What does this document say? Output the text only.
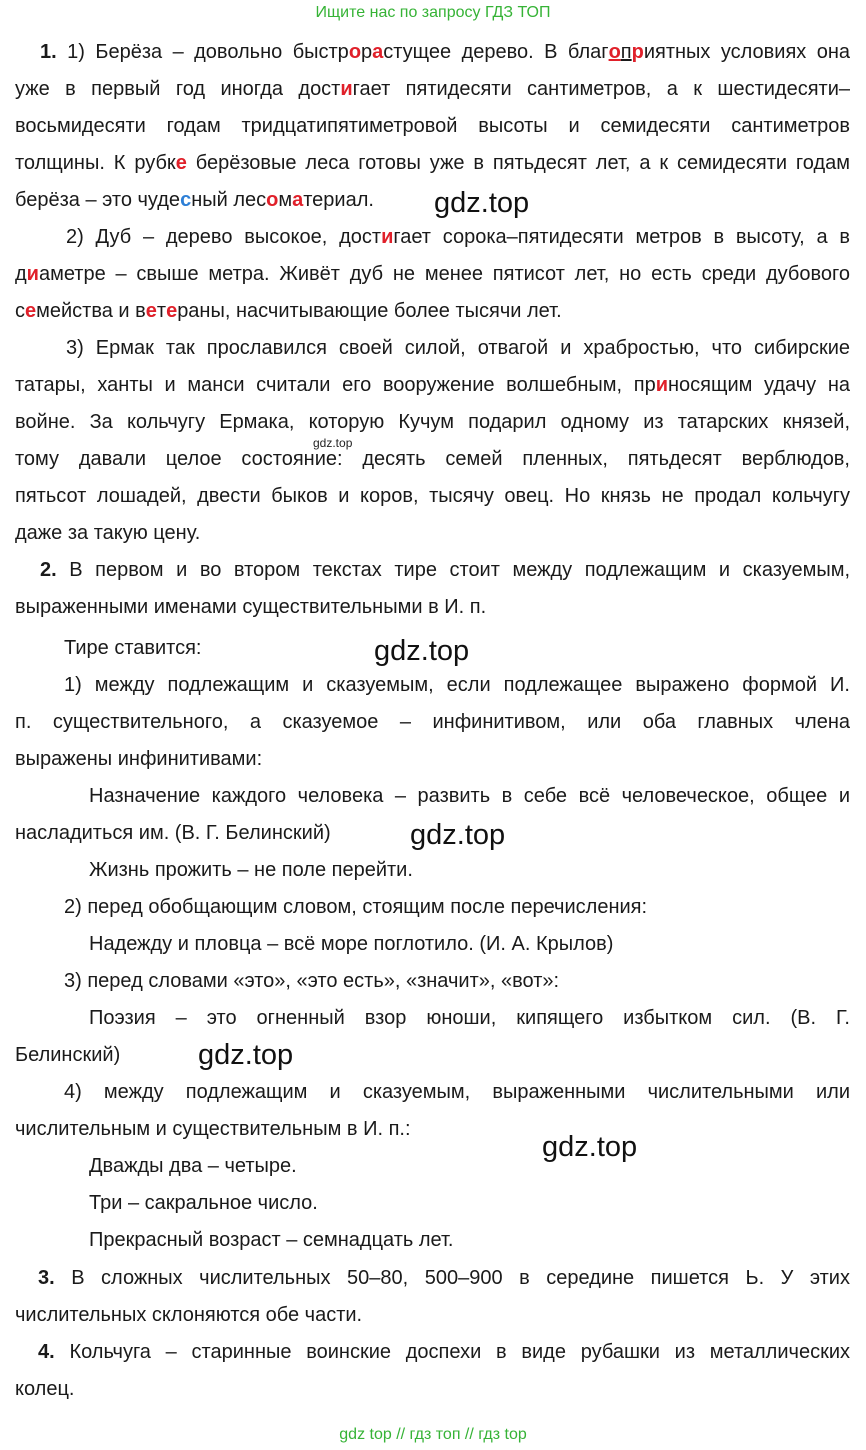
Ищите нас по запросу ГДЗ ТОП
1. 1) Берёза – довольно быстрорастущее дерево. В благоприятных условиях она
уже в первый год иногда достигает пятидесяти сантиметров, а к шестидесяти–
восьмидесяти годам тридцатипятиметровой высоты и семидесяти сантиметров
толщины. К рубке берёзовые леса готовы уже в пятьдесят лет, а к семидесяти годам
берёза – это чудесный лесоматериал.
2) Дуб – дерево высокое, достигает сорока–пятидесяти метров в высоту, а в
диаметре – свыше метра. Живёт дуб не менее пятисот лет, но есть среди дубового
семейства и ветераны, насчитывающие более тысячи лет.
3) Ермак так прославился своей силой, отвагой и храбростью, что сибирские
татары, ханты и манси считали его вооружение волшебным, приносящим удачу на
войне. За кольчугу Ермака, которую Кучум подарил одному из татарских князей,
тому давали целое состояние: десять семей пленных, пятьдесят верблюдов,
пятьсот лошадей, двести быков и коров, тысячу овец. Но князь не продал кольчугу
даже за такую цену.
2. В первом и во втором текстах тире стоит между подлежащим и сказуемым,
выраженными именами существительными в И. п.
Тире ставится:
1) между подлежащим и сказуемым, если подлежащее выражено формой И.
п. существительного, а сказуемое – инфинитивом, или оба главных члена
выражены инфинитивами:
Назначение каждого человека – развить в себе всё человеческое, общее и
насладиться им. (В. Г. Белинский)
Жизнь прожить – не поле перейти.
2) перед обобщающим словом, стоящим после перечисления:
Надежду и пловца – всё море поглотило. (И. А. Крылов)
3) перед словами «это», «это есть», «значит», «вот»:
Поэзия – это огненный взор юноши, кипящего избытком сил. (В. Г.
Белинский)
4) между подлежащим и сказуемым, выраженными числительными или
числительным и существительным в И. п.:
Дважды два – четыре.
Три – сакральное число.
Прекрасный возраст – семнадцать лет.
3. В сложных числительных 50–80, 500–900 в середине пишется Ь. У этих
числительных склоняются обе части.
4. Кольчуга – старинные воинские доспехи в виде рубашки из металлических
колец.
gdz.top
gdz.top
gdz.top
gdz.top
gdz.top
gdz.top
gdz top // гдз топ // гдз top
